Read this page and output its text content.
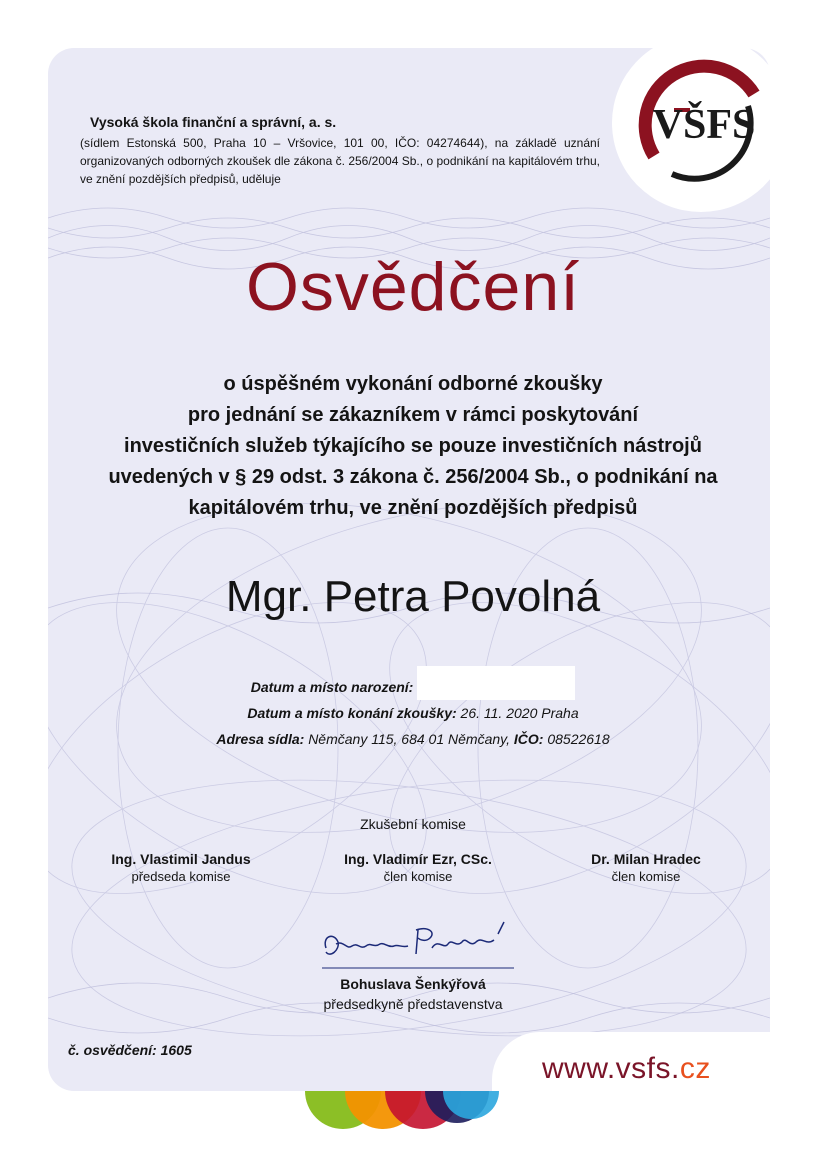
VŠFS
www.vsfs.cz
Vysoká škola finanční a správní, a. s.
(sídlem Estonská 500, Praha 10 – Vršovice, 101 00, IČO: 04274644), na základě uznání organizovaných odborných zkoušek dle zákona č. 256/2004 Sb., o podnikání na kapitálovém trhu, ve znění pozdějších předpisů, uděluje
Osvědčení
o úspěšném vykonání odborné zkoušky
pro jednání se zákazníkem v rámci poskytování
investičních služeb týkajícího se pouze investičních nástrojů
uvedených v § 29 odst. 3 zákona č. 256/2004 Sb., o podnikání na
kapitálovém trhu, ve znění pozdějších předpisů
Mgr. Petra Povolná
Datum a místo narození:
Datum a místo konání zkoušky: 26. 11. 2020 Praha
Adresa sídla: Němčany 115, 684 01 Němčany, IČO: 08522618
Zkušební komise
Ing. Vlastimil Jandus
předseda komise
Ing. Vladimír Ezr, CSc.
člen komise
Dr. Milan Hradec
člen komise
Bohuslava Šenkýřová
předsedkyně představenstva
č. osvědčení: 1605
